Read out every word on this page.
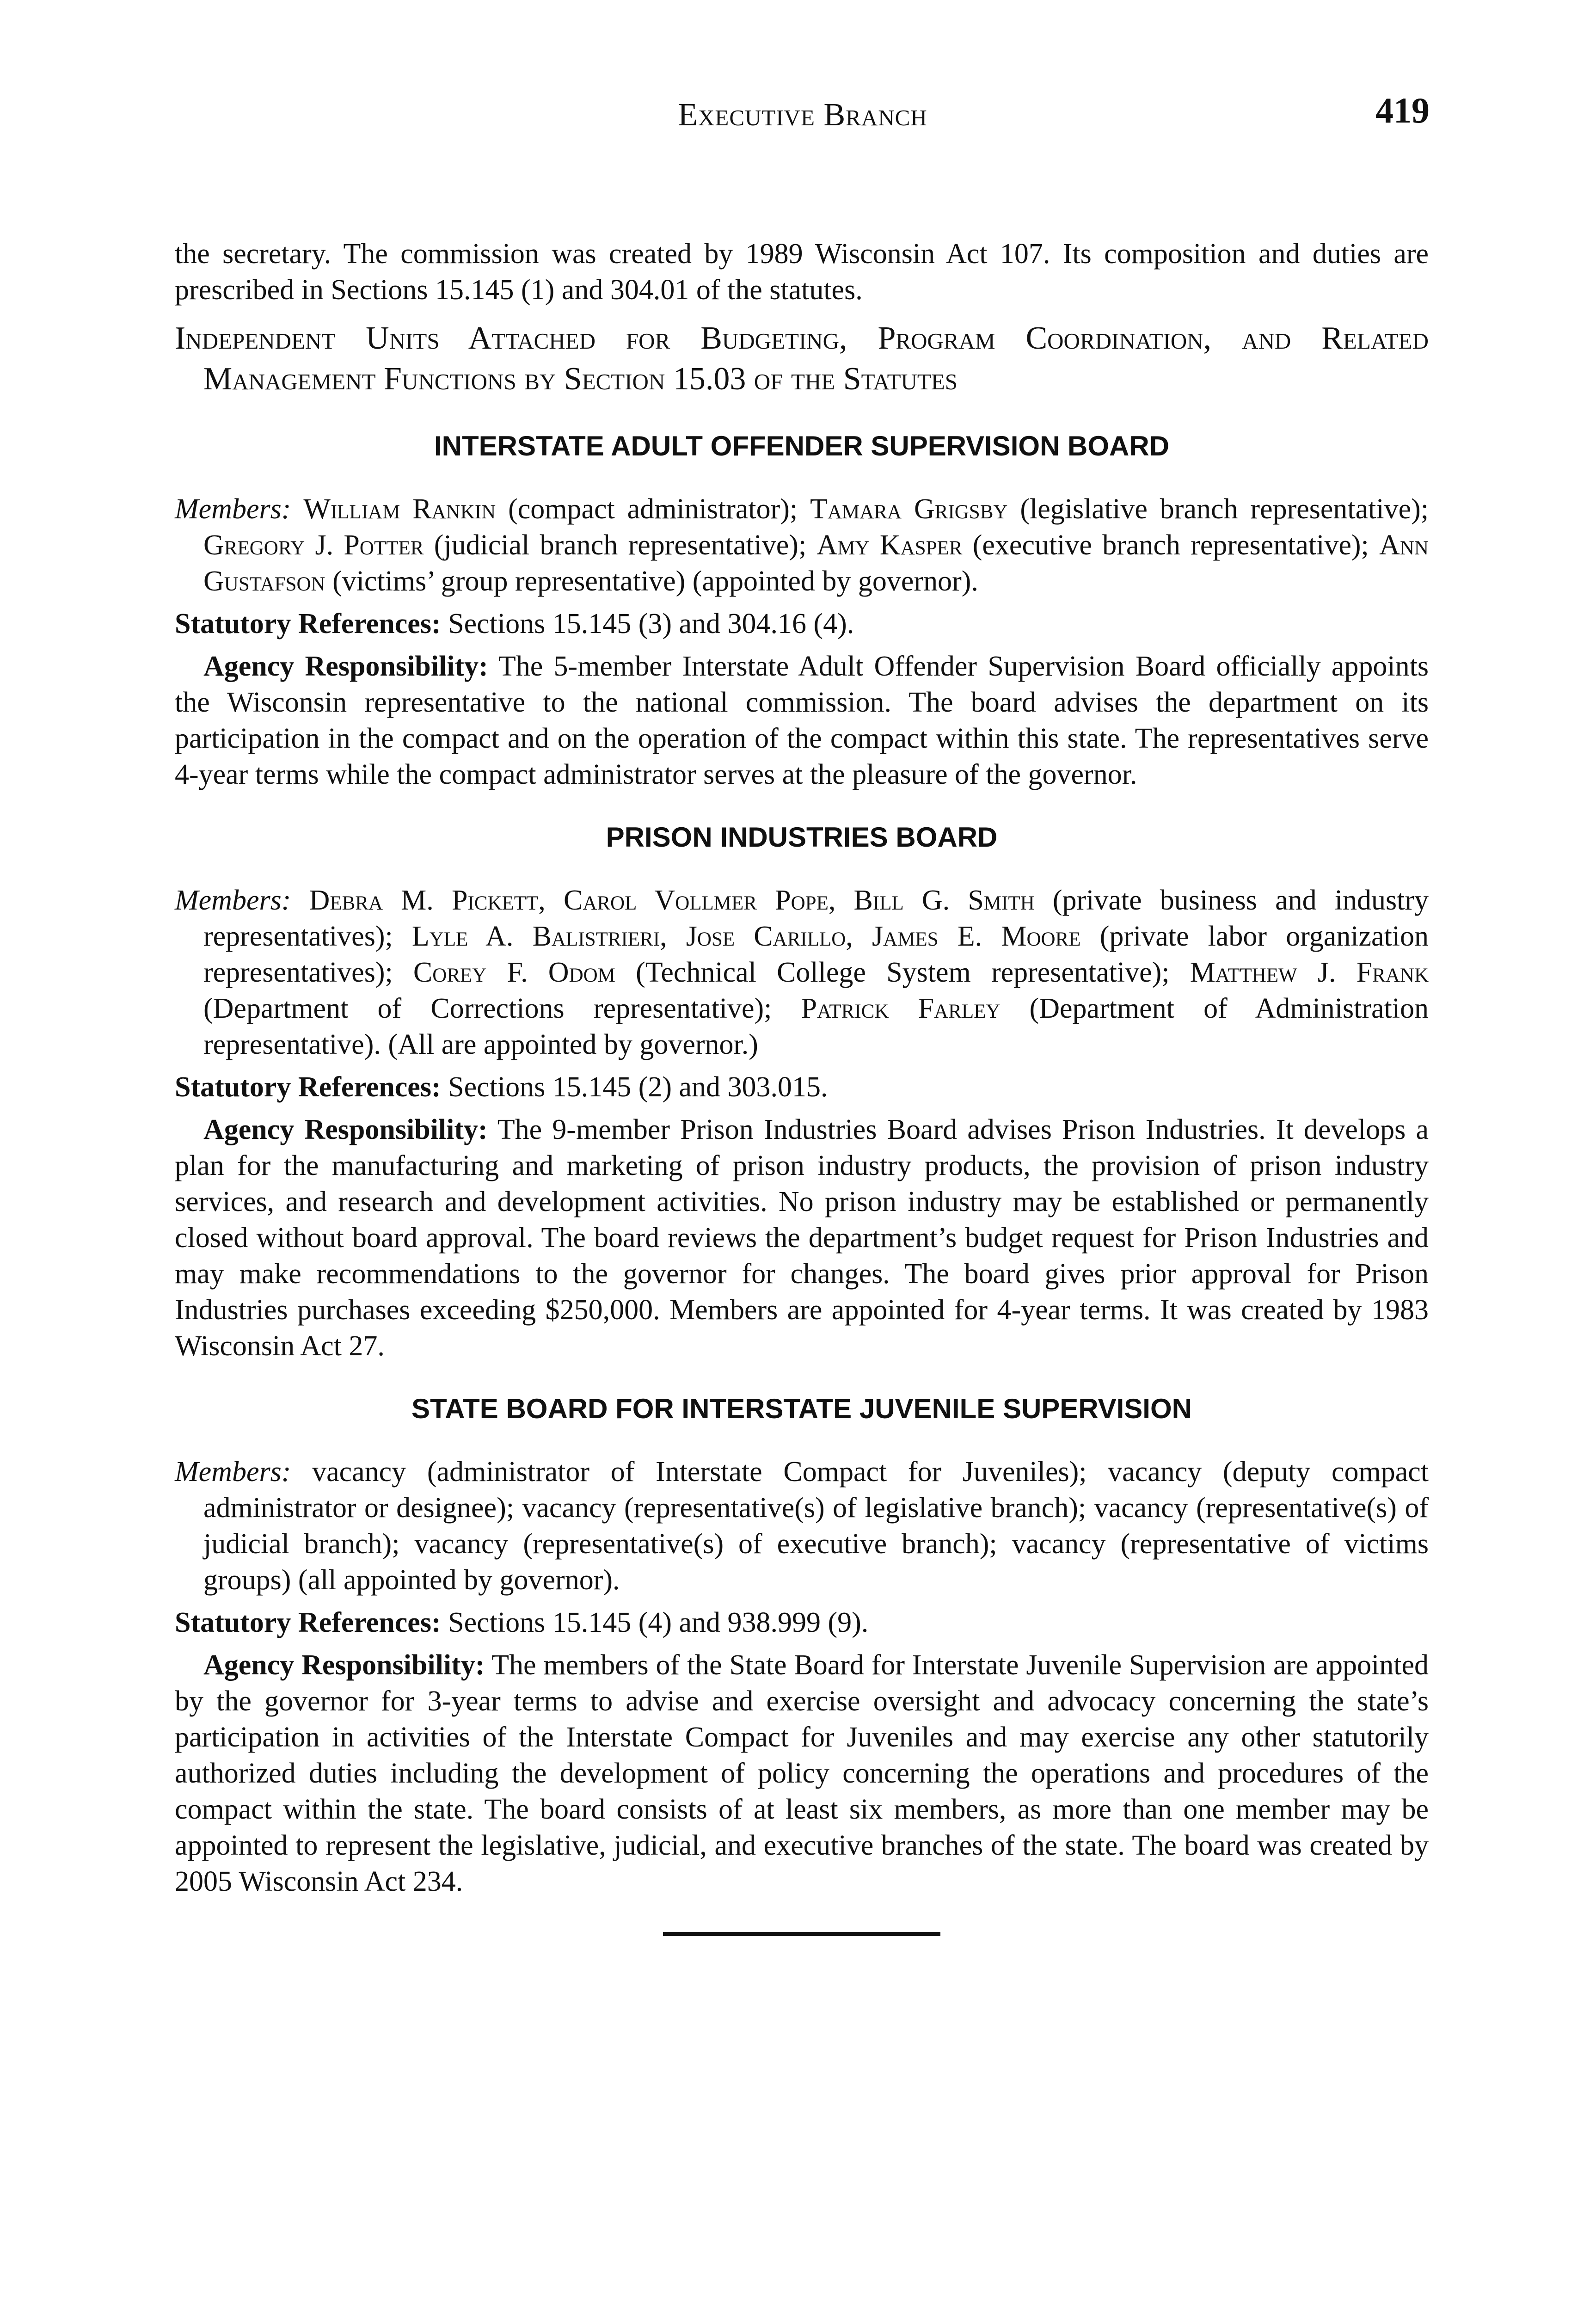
Executive Branch	419

the secretary. The commission was created by 1989 Wisconsin Act 107. Its composition and duties are prescribed in Sections 15.145 (1) and 304.01 of the statutes.

Independent Units Attached for Budgeting, Program Coordination, and Related Management Functions by Section 15.03 of the Statutes

INTERSTATE ADULT OFFENDER SUPERVISION BOARD

Members: William Rankin (compact administrator); Tamara Grigsby (legislative branch representative); Gregory J. Potter (judicial branch representative); Amy Kasper (executive branch representative); Ann Gustafson (victims’ group representative) (appointed by governor).

Statutory References: Sections 15.145 (3) and 304.16 (4).

Agency Responsibility: The 5-member Interstate Adult Offender Supervision Board officially appoints the Wisconsin representative to the national commission. The board advises the department on its participation in the compact and on the operation of the compact within this state. The representatives serve 4-year terms while the compact administrator serves at the pleasure of the governor.

PRISON INDUSTRIES BOARD

Members: Debra M. Pickett, Carol Vollmer Pope, Bill G. Smith (private business and industry representatives); Lyle A. Balistrieri, Jose Carillo, James E. Moore (private labor organization representatives); Corey F. Odom (Technical College System representative); Matthew J. Frank (Department of Corrections representative); Patrick Farley (Department of Administration representative). (All are appointed by governor.)

Statutory References: Sections 15.145 (2) and 303.015.

Agency Responsibility: The 9-member Prison Industries Board advises Prison Industries. It develops a plan for the manufacturing and marketing of prison industry products, the provision of prison industry services, and research and development activities. No prison industry may be established or permanently closed without board approval. The board reviews the department’s budget request for Prison Industries and may make recommendations to the governor for changes. The board gives prior approval for Prison Industries purchases exceeding $250,000. Members are appointed for 4-year terms. It was created by 1983 Wisconsin Act 27.

STATE BOARD FOR INTERSTATE JUVENILE SUPERVISION

Members: vacancy (administrator of Interstate Compact for Juveniles); vacancy (deputy compact administrator or designee); vacancy (representative(s) of legislative branch); vacancy (representative(s) of judicial branch); vacancy (representative(s) of executive branch); vacancy (representative of victims groups) (all appointed by governor).

Statutory References: Sections 15.145 (4) and 938.999 (9).

Agency Responsibility: The members of the State Board for Interstate Juvenile Supervision are appointed by the governor for 3-year terms to advise and exercise oversight and advocacy concerning the state’s participation in activities of the Interstate Compact for Juveniles and may exercise any other statutorily authorized duties including the development of policy concerning the operations and procedures of the compact within the state. The board consists of at least six members, as more than one member may be appointed to represent the legislative, judicial, and executive branches of the state. The board was created by 2005 Wisconsin Act 234.
